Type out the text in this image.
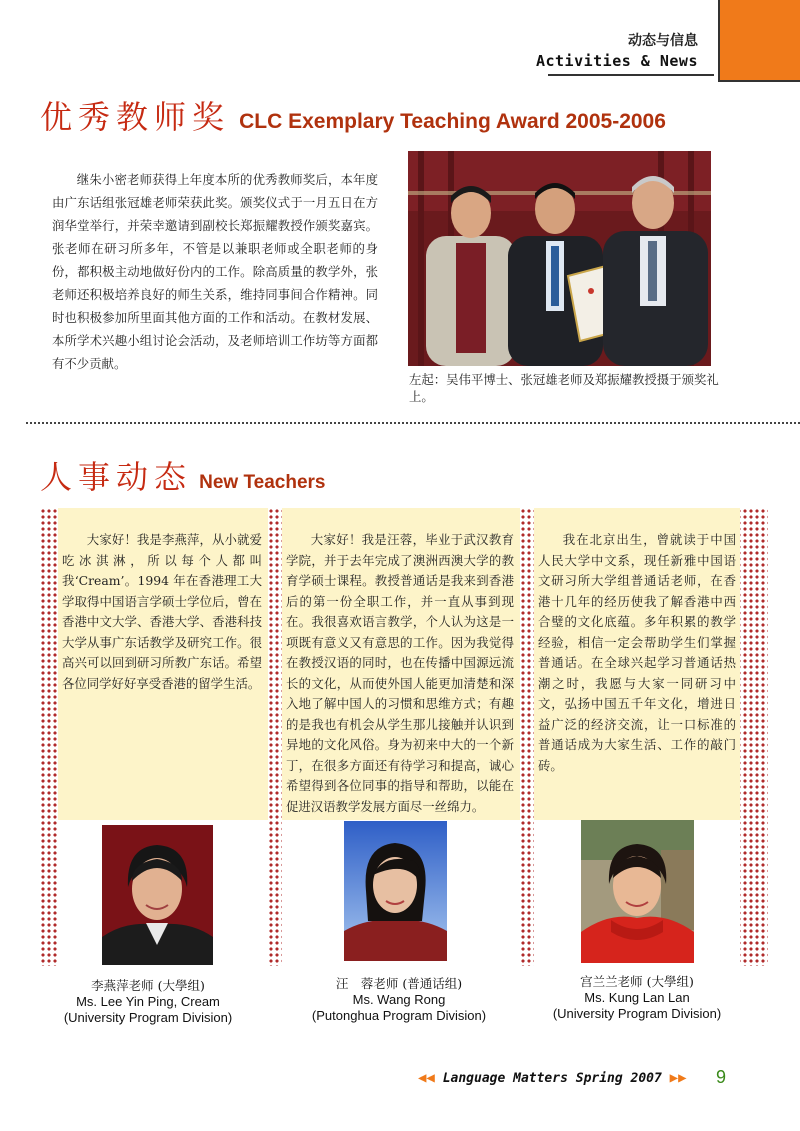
动态与信息
Activities & News
优秀教师奖 CLC Exemplary Teaching Award 2005-2006
继朱小密老师获得上年度本所的优秀教师奖后，本年度由广东话组张冠雄老师荣获此奖。颁奖仪式于一月五日在方润华堂举行，并荣幸邀请到副校长郑振耀教授作颁奖嘉宾。张老师在研习所多年，不管是以兼职老师或全职老师的身份，都积极主动地做好份内的工作。除高质量的教学外，张老师还积极培养良好的师生关系，维持同事间合作精神。同时也积极参加所里面其他方面的工作和活动。在教材发展、本所学术兴趣小组讨论会活动，及老师培训工作坊等方面都有不少贡献。
左起：吴伟平博士、张冠雄老师及郑振耀教授摄于颁奖礼上。
人事动态 New Teachers
大家好！我是李燕萍，从小就爱吃冰淇淋，所以每个人都叫我‘Cream’。1994 年在香港理工大学取得中国语言学硕士学位后，曾在香港中文大学、香港大学、香港科技大学从事广东话教学及研究工作。很高兴可以回到研习所教广东话。希望各位同学好好享受香港的留学生活。
大家好！我是汪蓉，毕业于武汉教育学院，并于去年完成了澳洲西澳大学的教育学硕士课程。教授普通话是我来到香港后的第一份全职工作，并一直从事到现在。我很喜欢语言教学，个人认为这是一项既有意义又有意思的工作。因为我觉得在教授汉语的同时，也在传播中国源远流长的文化，从而使外国人能更加清楚和深入地了解中国人的习惯和思维方式；有趣的是我也有机会从学生那儿接触并认识到异地的文化风俗。身为初来中大的一个新丁，在很多方面还有待学习和提高，诚心希望得到各位同事的指导和帮助，以能在促进汉语教学发展方面尽一丝绵力。
我在北京出生，曾就读于中国人民大学中文系，现任新雅中国语文研习所大学组普通话老师，在香港十几年的经历使我了解香港中西合璧的文化底蕴。多年积累的教学经验，相信一定会帮助学生们掌握普通话。在全球兴起学习普通话热潮之时，我愿与大家一同研习中文，弘扬中国五千年文化，增进日益广泛的经济交流，让一口标准的普通话成为大家生活、工作的敲门砖。
李燕萍老师 (大學组)
Ms. Lee Yin Ping, Cream
(University Program Division)
汪　蓉老师 (普通话组)
Ms. Wang Rong
(Putonghua Program Division)
宫兰兰老师 (大學组)
Ms. Kung Lan Lan
(University Program Division)
◀◀ Language Matters Spring 2007 ▶▶ 9
